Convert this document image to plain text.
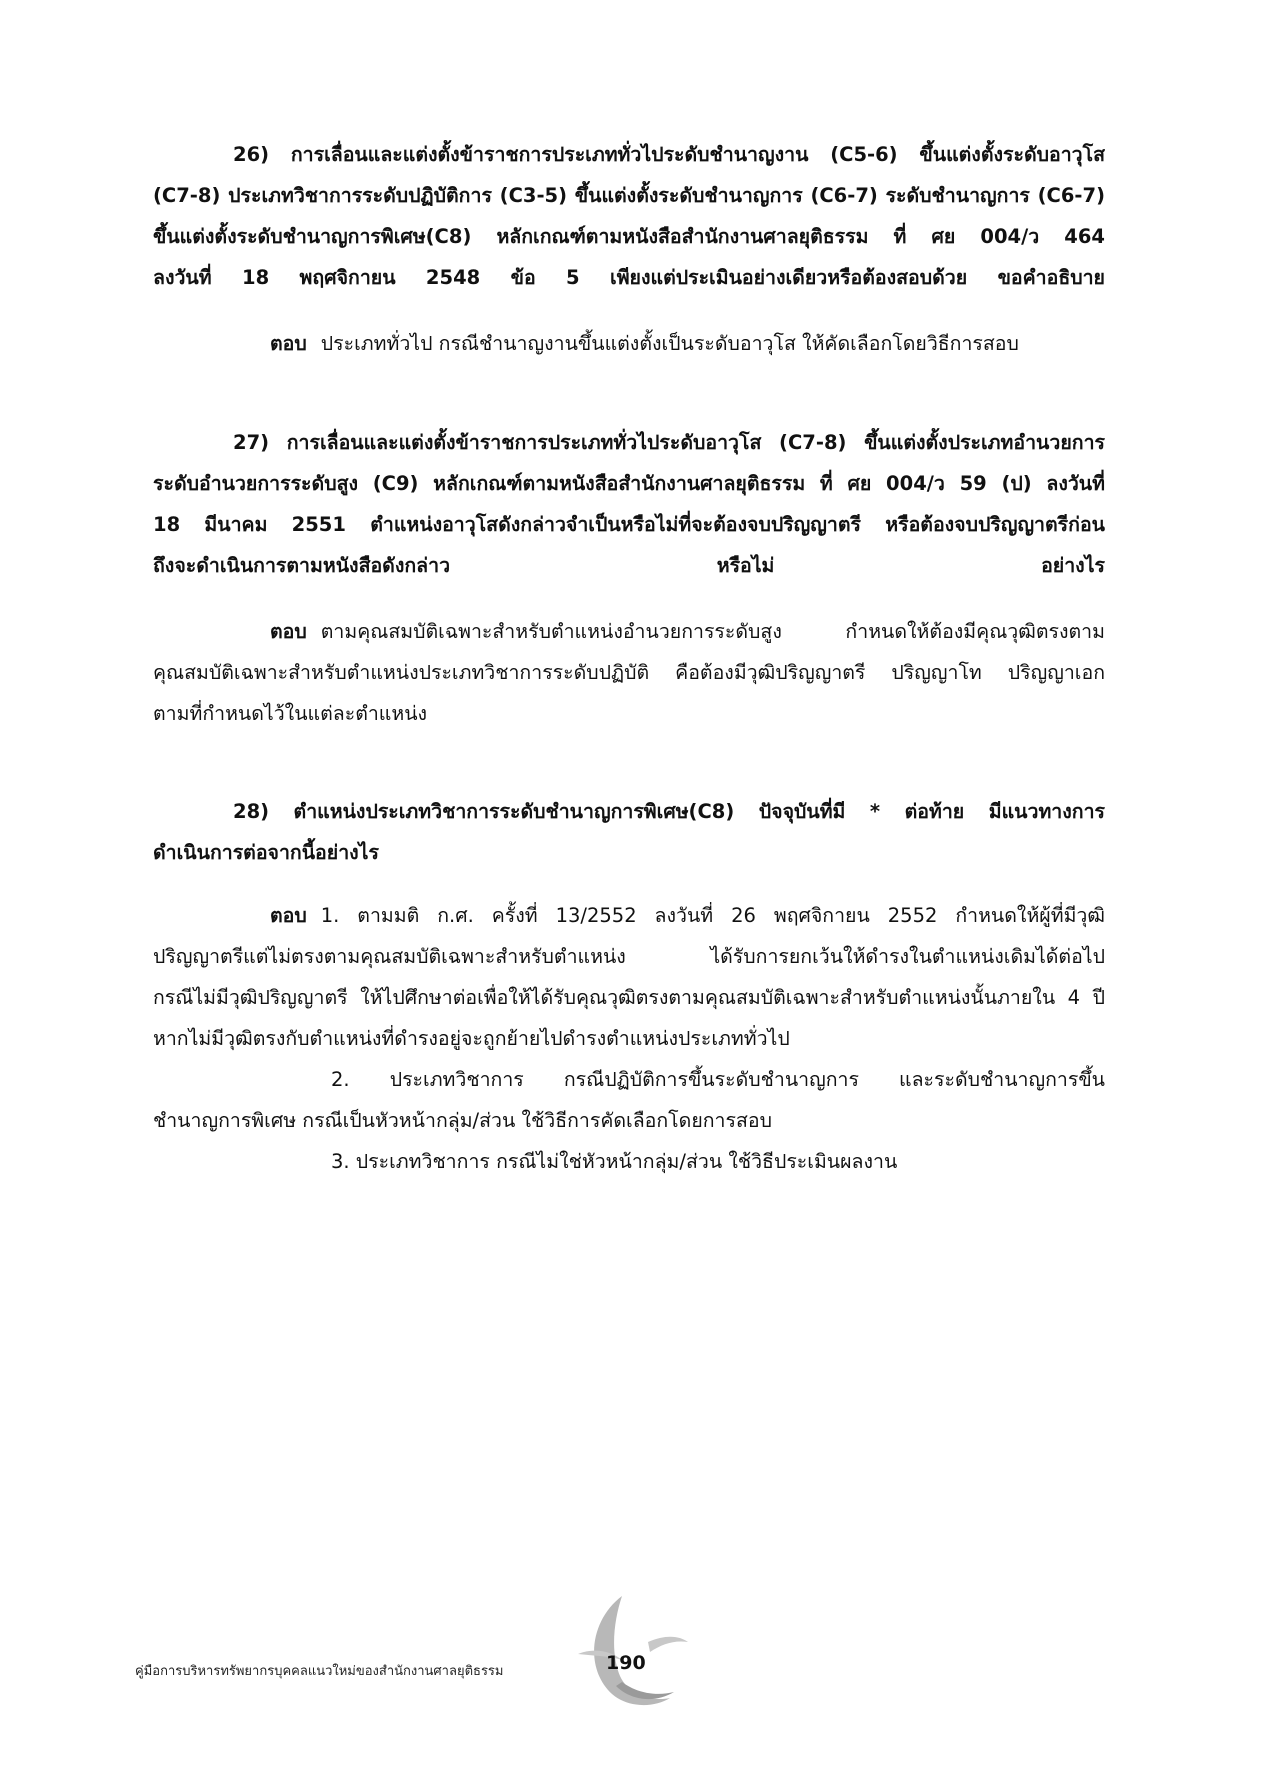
26) การเลื่อนและแต่งตั้งข้าราชการประเภททั่วไประดับชำนาญงาน (C5-6) ขึ้นแต่งตั้งระดับอาวุโส
(C7-8) ประเภทวิชาการระดับปฏิบัติการ (C3-5) ขึ้นแต่งตั้งระดับชำนาญการ (C6-7) ระดับชำนาญการ (C6-7)
ขึ้นแต่งตั้งระดับชำนาญการพิเศษ(C8) หลักเกณฑ์ตามหนังสือสำนักงานศาลยุติธรรม ที่ ศย 004/ว 464
ลงวันที่ 18 พฤศจิกายน 2548 ข้อ 5 เพียงแต่ประเมินอย่างเดียวหรือต้องสอบด้วย ขอคำอธิบาย
ตอบ ประเภททั่วไป กรณีชำนาญงานขึ้นแต่งตั้งเป็นระดับอาวุโส ให้คัดเลือกโดยวิธีการสอบ
27) การเลื่อนและแต่งตั้งข้าราชการประเภททั่วไประดับอาวุโส (C7-8) ขึ้นแต่งตั้งประเภทอำนวยการ
ระดับอำนวยการระดับสูง (C9) หลักเกณฑ์ตามหนังสือสำนักงานศาลยุติธรรม ที่ ศย 004/ว 59 (ป) ลงวันที่
18 มีนาคม 2551 ตำแหน่งอาวุโสดังกล่าวจำเป็นหรือไม่ที่จะต้องจบปริญญาตรี หรือต้องจบปริญญาตรีก่อน
ถึงจะดำเนินการตามหนังสือดังกล่าว หรือไม่ อย่างไร
ตอบ ตามคุณสมบัติเฉพาะสำหรับตำแหน่งอำนวยการระดับสูง กำหนดให้ต้องมีคุณวุฒิตรงตาม
คุณสมบัติเฉพาะสำหรับตำแหน่งประเภทวิชาการระดับปฏิบัติ คือต้องมีวุฒิปริญญาตรี ปริญญาโท ปริญญาเอก
ตามที่กำหนดไว้ในแต่ละตำแหน่ง
28) ตำแหน่งประเภทวิชาการระดับชำนาญการพิเศษ(C8) ปัจจุบันที่มี * ต่อท้าย มีแนวทางการ
ดำเนินการต่อจากนี้อย่างไร
ตอบ 1. ตามมติ ก.ศ. ครั้งที่ 13/2552 ลงวันที่ 26 พฤศจิกายน 2552 กำหนดให้ผู้ที่มีวุฒิ
ปริญญาตรีแต่ไม่ตรงตามคุณสมบัติเฉพาะสำหรับตำแหน่ง ได้รับการยกเว้นให้ดำรงในตำแหน่งเดิมได้ต่อไป
กรณีไม่มีวุฒิปริญญาตรี ให้ไปศึกษาต่อเพื่อให้ได้รับคุณวุฒิตรงตามคุณสมบัติเฉพาะสำหรับตำแหน่งนั้นภายใน 4 ปี
หากไม่มีวุฒิตรงกับตำแหน่งที่ดำรงอยู่จะถูกย้ายไปดำรงตำแหน่งประเภททั่วไป
2. ประเภทวิชาการ กรณีปฏิบัติการขึ้นระดับชำนาญการ และระดับชำนาญการขึ้น
ชำนาญการพิเศษ กรณีเป็นหัวหน้ากลุ่ม/ส่วน ใช้วิธีการคัดเลือกโดยการสอบ
3. ประเภทวิชาการ กรณีไม่ใช่หัวหน้ากลุ่ม/ส่วน ใช้วิธีประเมินผลงาน
คู่มือการบริหารทรัพยากรบุคคลแนวใหม่ของสำนักงานศาลยุติธรรม	190
